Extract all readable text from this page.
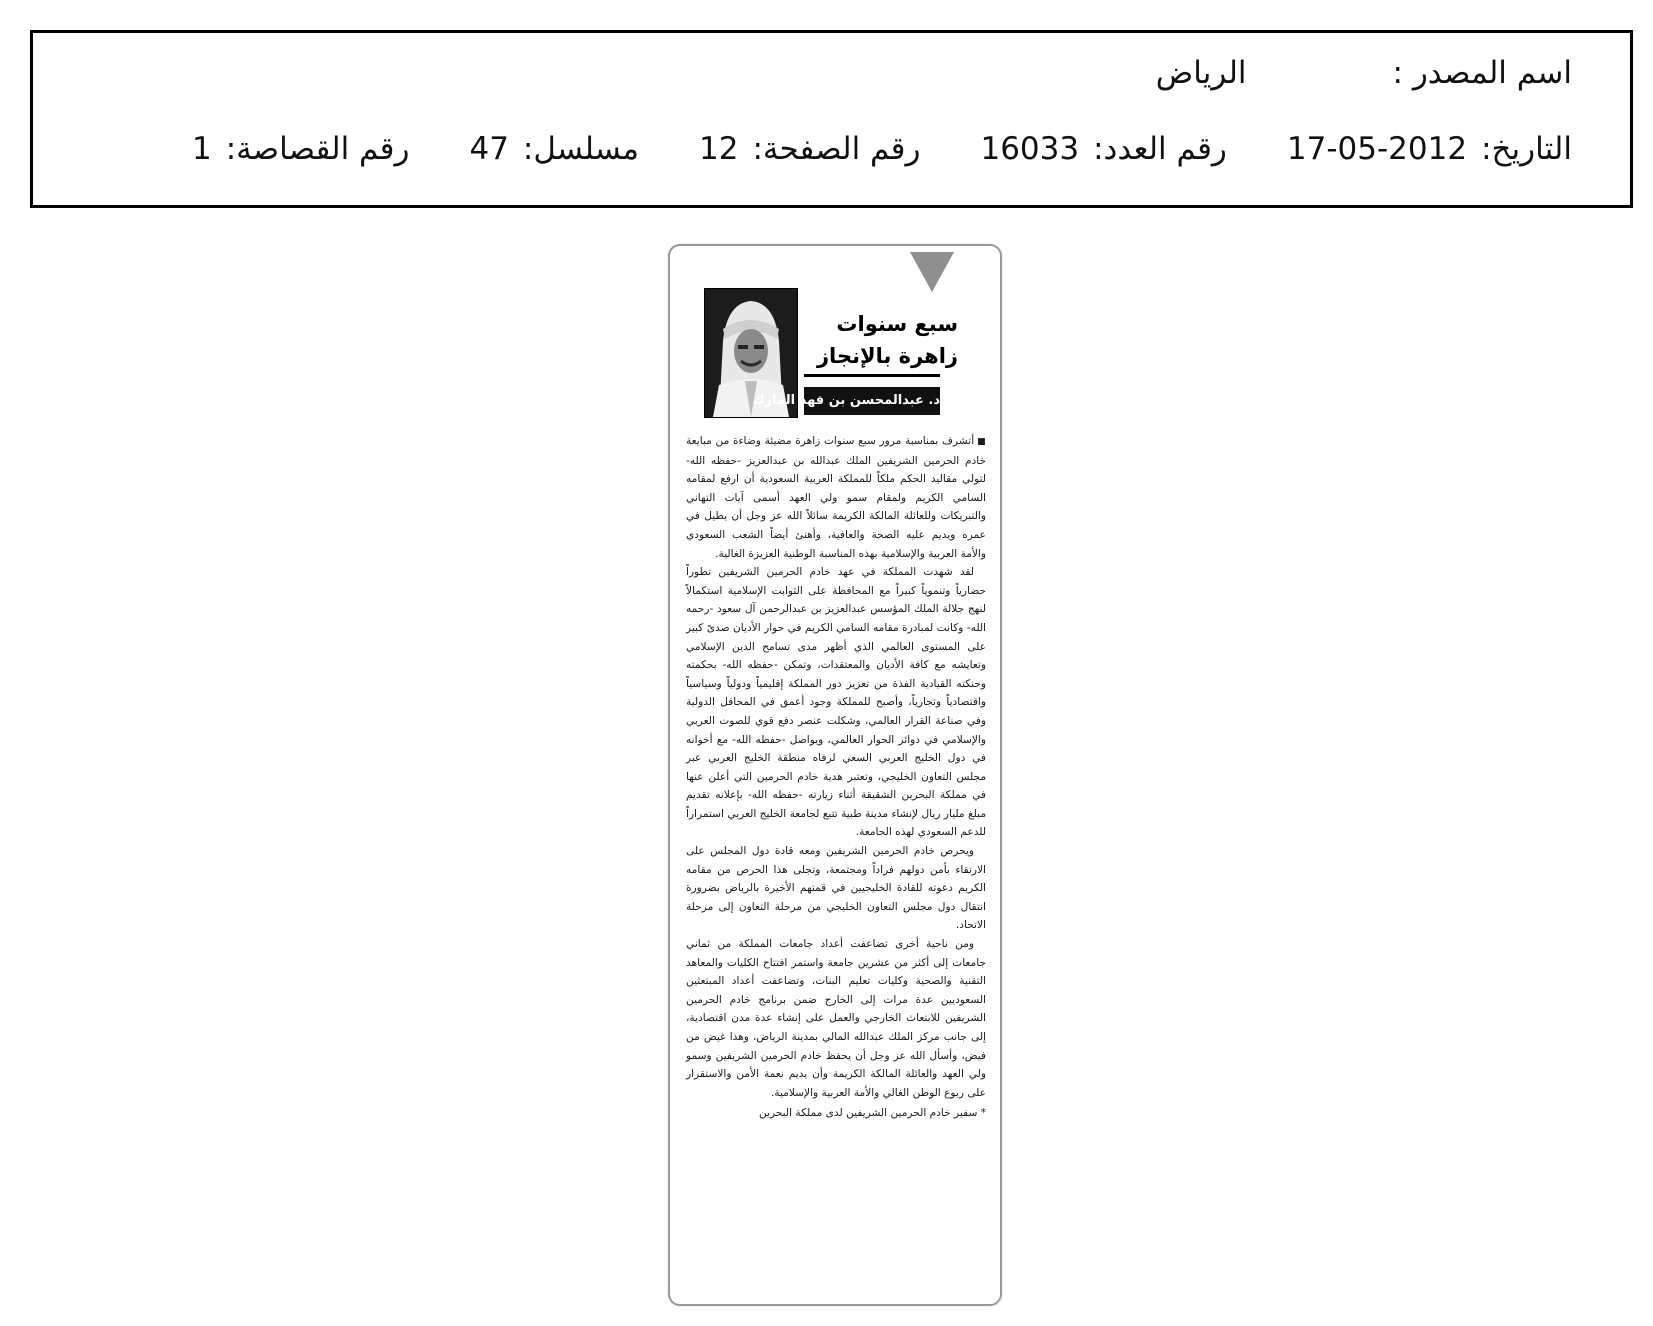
اسم المصدر :
الرياض
التاريخ:
17-05-2012
رقم العدد:
16033
رقم الصفحة:
12
مسلسل:
47
رقم القصاصة:
1
سبع سنوات
زاهرة بالإنجاز
د. عبدالمحسن بن فهد المارك

■أتشرف بمناسبة مرور سبع سنوات زاهرة مضيئة وضاءة من مبايعة خادم الحرمين الشريفين الملك عبدالله بن عبدالعزيز -حفظه الله- لتولي مقاليد الحكم ملكاً للمملكة العربية السعودية أن ارفع لمقامه السامي الكريم ولمقام سمو ولي العهد أسمى آيات التهاني والتبريكات وللعائلة المالكة الكريمة سائلاً الله عز وجل أن يطيل في عمره ويديم عليه الصحة والعافية، وأهنئ أيضاً الشعب السعودي والأمة العربية والإسلامية بهذه المناسبة الوطنية العزيزة الغالية.

لقد شهدت المملكة في عهد خادم الحرمين الشريفين تطوراً حضارياً وتنموياً كبيراً مع المحافظة على الثوابت الإسلامية استكمالاً لنهج جلالة الملك المؤسس عبدالعزيز بن عبدالرحمن آل سعود -رحمه الله- وكانت لمبادرة مقامه السامي الكريم في حوار الأديان صدىً كبير على المستوى العالمي الذي أظهر مدى تسامح الدين الإسلامي وتعايشه مع كافة الأديان والمعتقدات، وتمكن -حفظه الله- بحكمته وحنكته القيادية الفذة من تعزيز دور المملكة إقليمياً ودولياً وسياسياً واقتصادياً وتجارياً، وأصبح للمملكة وجود أعمق في المحافل الدولية وفي صناعة القرار العالمي، وشكلت عنصر دفع قوي للصوت العربي والإسلامي في دوائر الحوار العالمي، ويواصل -حفظه الله- مع أخوانه في دول الخليج العربي السعي لرفاه منطقة الخليج العربي عبر مجلس التعاون الخليجي، وتعتبر هدية خادم الحرمين التي أعلن عنها في مملكة البحرين الشقيقة أثناء زيارته -حفظه الله- بإعلانه تقديم مبلغ مليار ريال لإنشاء مدينة طبية تتبع لجامعة الخليج العربي استمراراً للدعم السعودي لهذه الجامعة.

ويحرص خادم الحرمين الشريفين ومعه قادة دول المجلس على الارتقاء بأمن دولهم فراداً ومجتمعة، وتجلى هذا الحرص من مقامه الكريم دعوته للقادة الخليجيين في قمتهم الأخيرة بالرياض بضرورة انتقال دول مجلس التعاون الخليجي من مرحلة التعاون إلى مرحلة الاتحاد.

ومن ناحية أخرى تضاعفت أعداد جامعات المملكة من ثماني جامعات إلى أكثر من عشرين جامعة واستمر افتتاح الكليات والمعاهد التقنية والصحية وكليات تعليم البنات، وتضاعفت أعداد المبتعثين السعوديين عدة مرات إلى الخارج ضمن برنامج خادم الحرمين الشريفين للابتعاث الخارجي والعمل على إنشاء عدة مدن اقتصادية، إلى جانب مركز الملك عبدالله المالي بمدينة الرياض، وهذا غيض من فيض، وأسأل الله عز وجل أن يحفظ خادم الحرمين الشريفين وسمو ولي العهد والعائلة المالكة الكريمة وأن يديم نعمة الأمن والاستقرار على ربوع الوطن الغالي والأمة العربية والإسلامية.

* سفير خادم الحرمين الشريفين لدى مملكة البحرين
